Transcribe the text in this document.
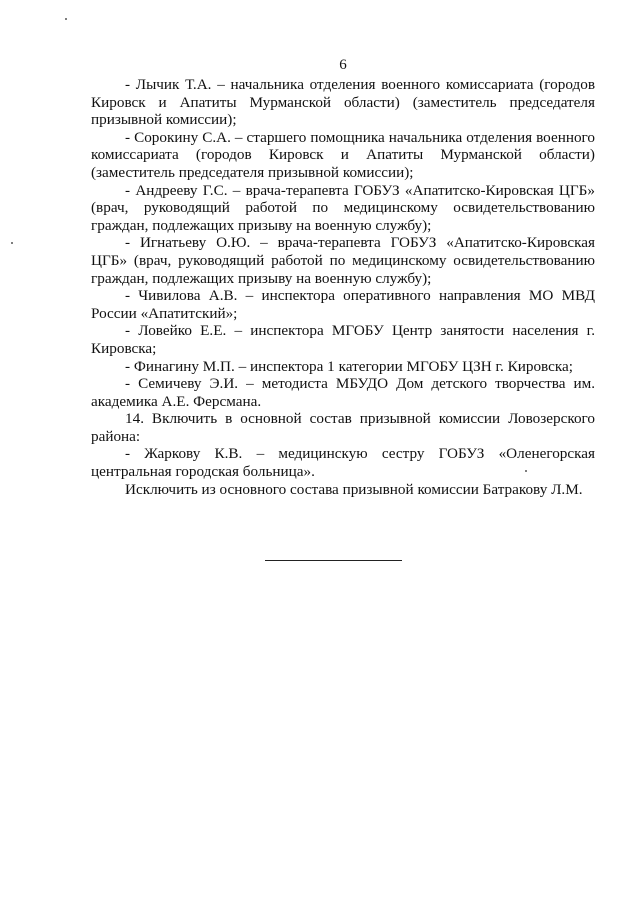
6

- Лычик Т.А. – начальника отделения военного комиссариата (городов Кировск и Апатиты Мурманской области) (заместитель председателя призывной комиссии);

- Сорокину С.А. – старшего помощника начальника отделения военного комиссариата (городов Кировск и Апатиты Мурманской области) (заместитель председателя призывной комиссии);

- Андрееву Г.С. – врача-терапевта ГОБУЗ «Апатитско-Кировская ЦГБ» (врач, руководящий работой по медицинскому освидетельствованию граждан, подлежащих призыву на военную службу);

- Игнатьеву О.Ю. – врача-терапевта ГОБУЗ «Апатитско-Кировская ЦГБ» (врач, руководящий работой по медицинскому освидетельствованию граждан, подлежащих призыву на военную службу);

- Чивилова А.В. – инспектора оперативного направления МО МВД России «Апатитский»;

- Ловейко Е.Е. – инспектора МГОБУ Центр занятости населения г. Кировска;

- Финагину М.П. – инспектора 1 категории МГОБУ ЦЗН г. Кировска;

- Семичеву Э.И. – методиста МБУДО Дом детского творчества им. академика А.Е. Ферсмана.

14. Включить в основной состав призывной комиссии Ловозерского района:

- Жаркову К.В. – медицинскую сестру ГОБУЗ «Оленегорская центральная городская больница».

Исключить из основного состава призывной комиссии Батракову Л.М.
